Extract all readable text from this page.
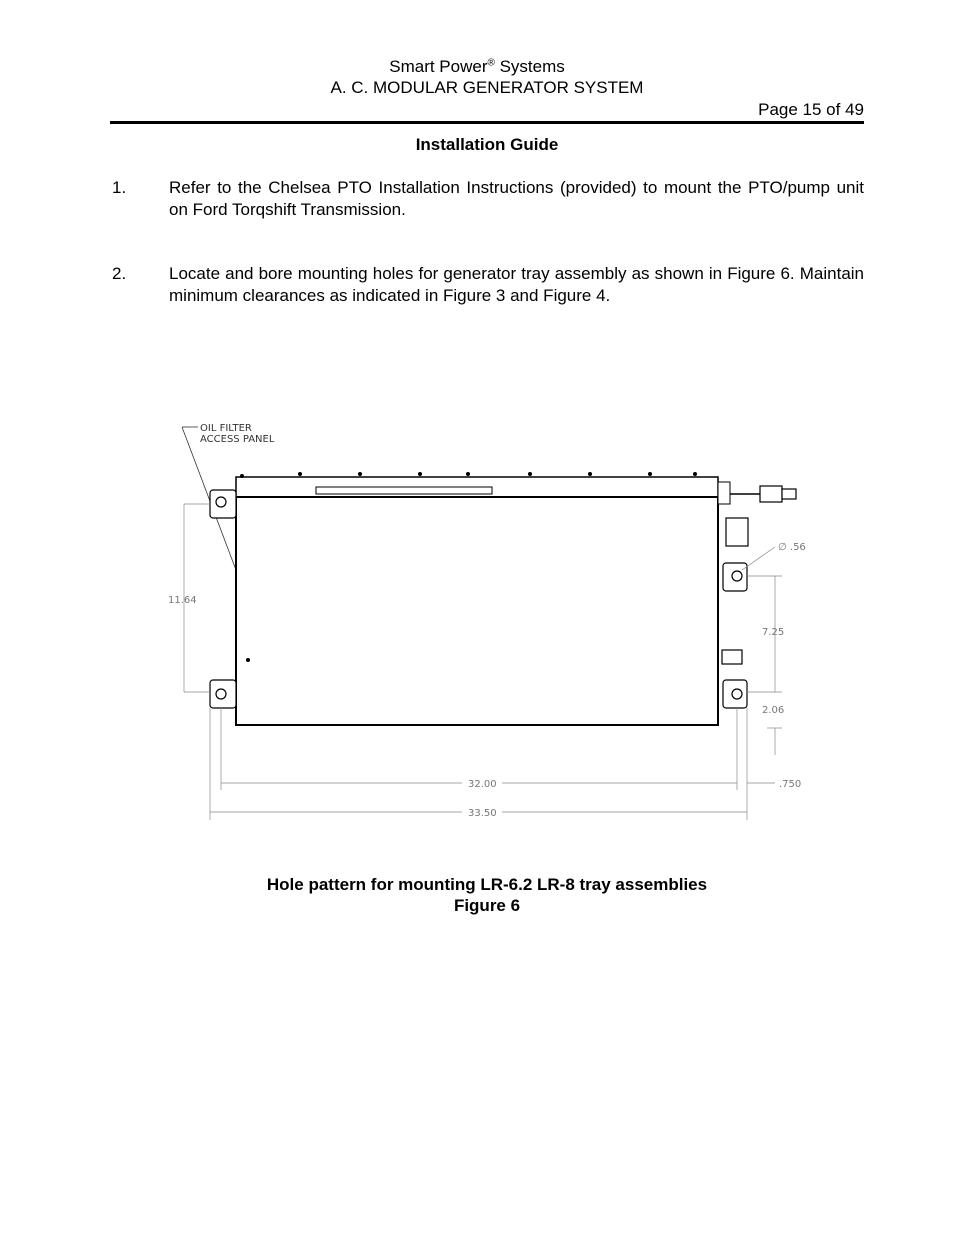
Smart Power® Systems
A. C. MODULAR GENERATOR SYSTEM
Page 15 of 49
Installation Guide
1.	Refer to the Chelsea PTO Installation Instructions (provided) to mount the PTO/pump unit on Ford Torqshift Transmission.
2.	Locate and bore mounting holes for generator tray assembly as shown in Figure 6. Maintain minimum clearances as indicated in Figure 3 and Figure 4.
OIL FILTER
ACCESS PANEL
11.64
∅ .56
7.25
2.06
32.00
33.50
.750
Hole pattern for mounting LR-6.2 LR-8 tray assemblies
Figure 6
